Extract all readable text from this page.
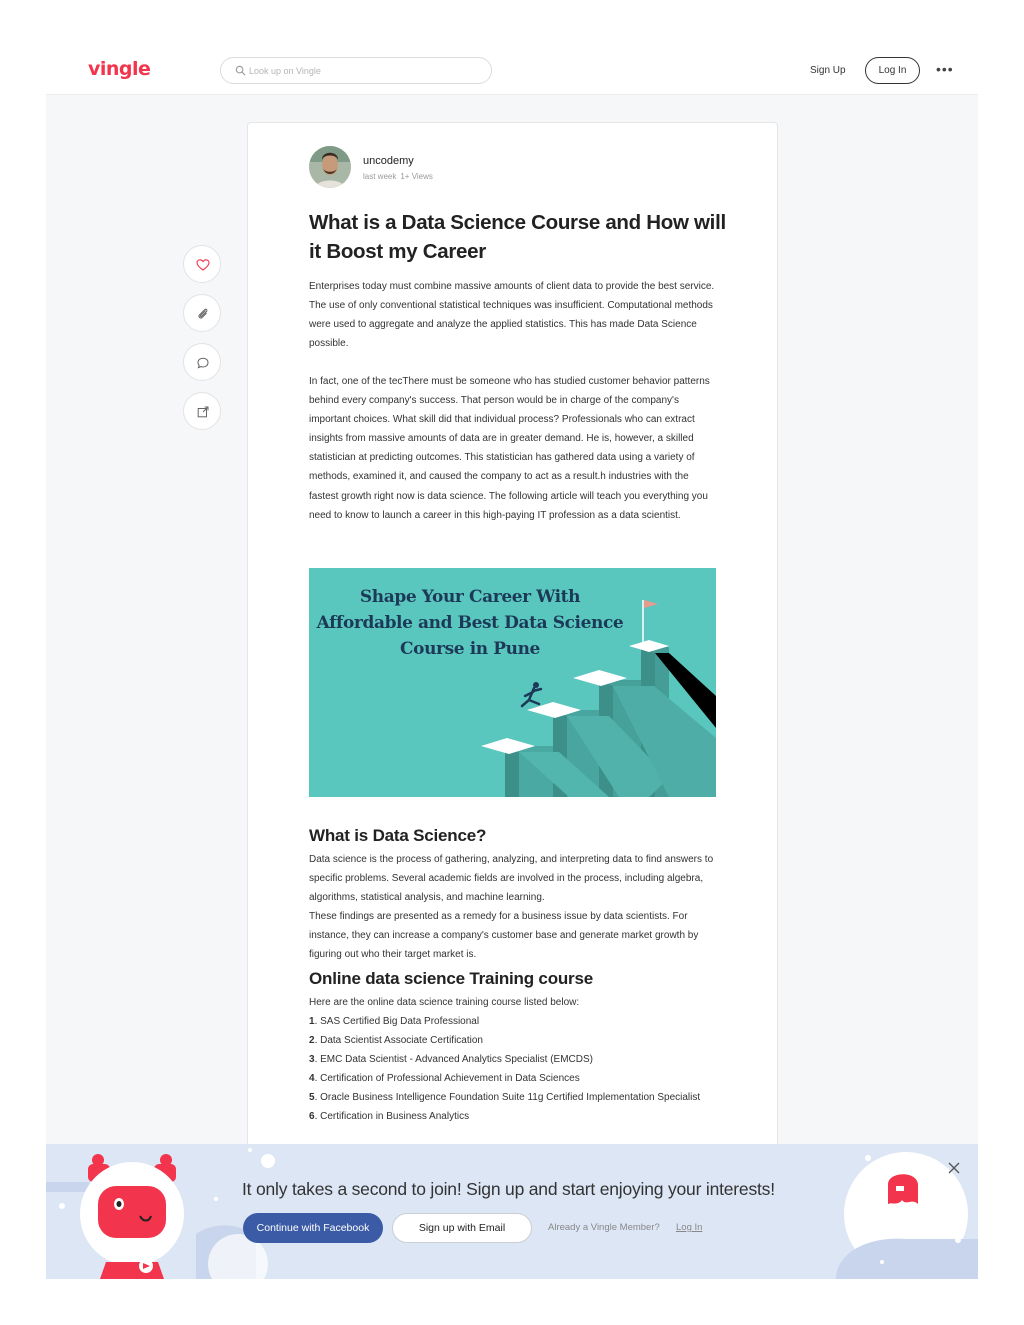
vingle
Look up on Vingle	Sign Up	Log In	•••
uncodemy
last week 1+ Views
What is a Data Science Course and How will it Boost my Career
Enterprises today must combine massive amounts of client data to provide the best service. The use of only conventional statistical techniques was insufficient. Computational methods were used to aggregate and analyze the applied statistics. This has made Data Science possible.
In fact, one of the tecThere must be someone who has studied customer behavior patterns behind every company's success. That person would be in charge of the company's important choices. What skill did that individual process? Professionals who can extract insights from massive amounts of data are in greater demand. He is, however, a skilled statistician at predicting outcomes. This statistician has gathered data using a variety of methods, examined it, and caused the company to act as a result.h industries with the fastest growth right now is data science. The following article will teach you everything you need to know to launch a career in this high-paying IT profession as a data scientist.
Shape Your Career With
Affordable and Best Data Science
Course in Pune
What is Data Science?
Data science is the process of gathering, analyzing, and interpreting data to find answers to specific problems. Several academic fields are involved in the process, including algebra, algorithms, statistical analysis, and machine learning.
These findings are presented as a remedy for a business issue by data scientists. For instance, they can increase a company's customer base and generate market growth by figuring out who their target market is.
Online data science Training course
Here are the online data science training course listed below:
1. SAS Certified Big Data Professional
2. Data Scientist Associate Certification
3. EMC Data Scientist - Advanced Analytics Specialist (EMCDS)
4. Certification of Professional Achievement in Data Sciences
5. Oracle Business Intelligence Foundation Suite 11g Certified Implementation Specialist
6. Certification in Business Analytics
It only takes a second to join! Sign up and start enjoying your interests!
Continue with Facebook	Sign up with Email	Already a Vingle Member? Log In
